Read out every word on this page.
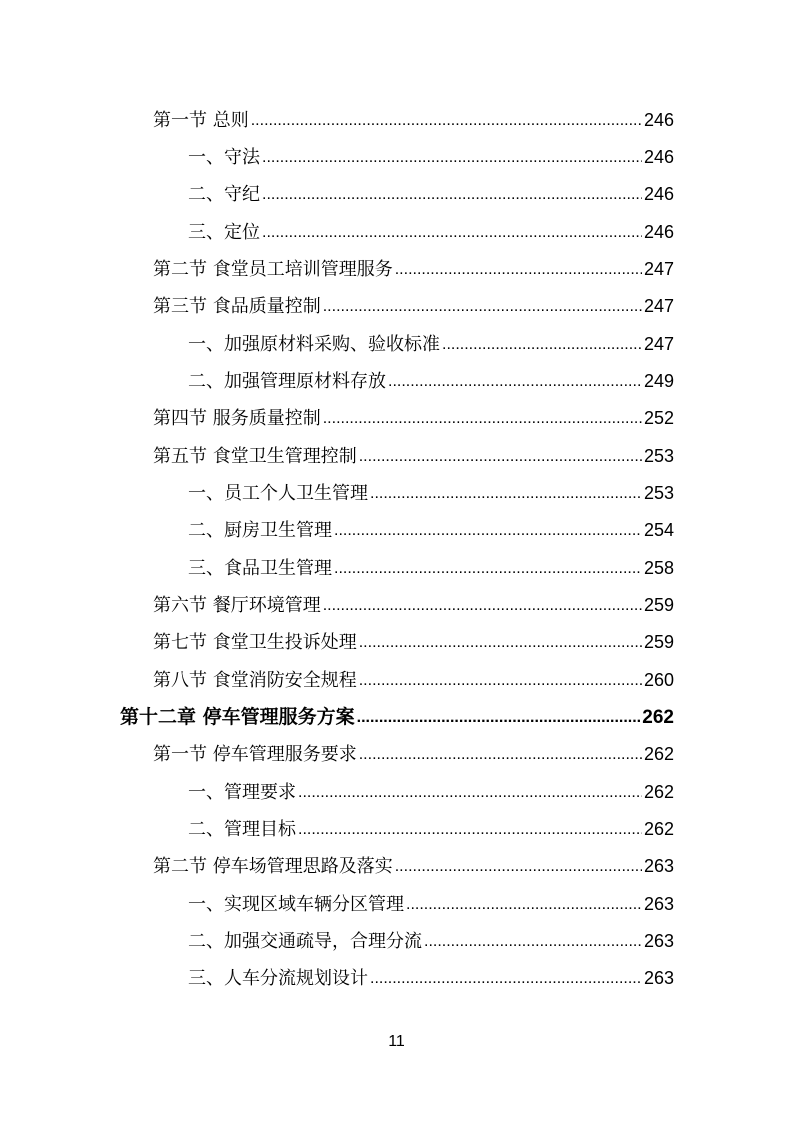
第一节 总则 .....	246
一、守法 .....	246
二、守纪 .....	246
三、定位 .....	246
第二节 食堂员工培训管理服务 .....	247
第三节 食品质量控制 .....	247
一、加强原材料采购、验收标准 .....	247
二、加强管理原材料存放 .....	249
第四节 服务质量控制 .....	252
第五节 食堂卫生管理控制 .....	253
一、员工个人卫生管理 .....	253
二、厨房卫生管理 .....	254
三、食品卫生管理 .....	258
第六节 餐厅环境管理 .....	259
第七节 食堂卫生投诉处理 .....	259
第八节 食堂消防安全规程 .....	260
第十二章 停车管理服务方案 .....	262
第一节 停车管理服务要求 .....	262
一、管理要求 .....	262
二、管理目标 .....	262
第二节 停车场管理思路及落实 .....	263
一、实现区域车辆分区管理 .....	263
二、加强交通疏导，合理分流 .....	263
三、人车分流规划设计 .....	263
11
